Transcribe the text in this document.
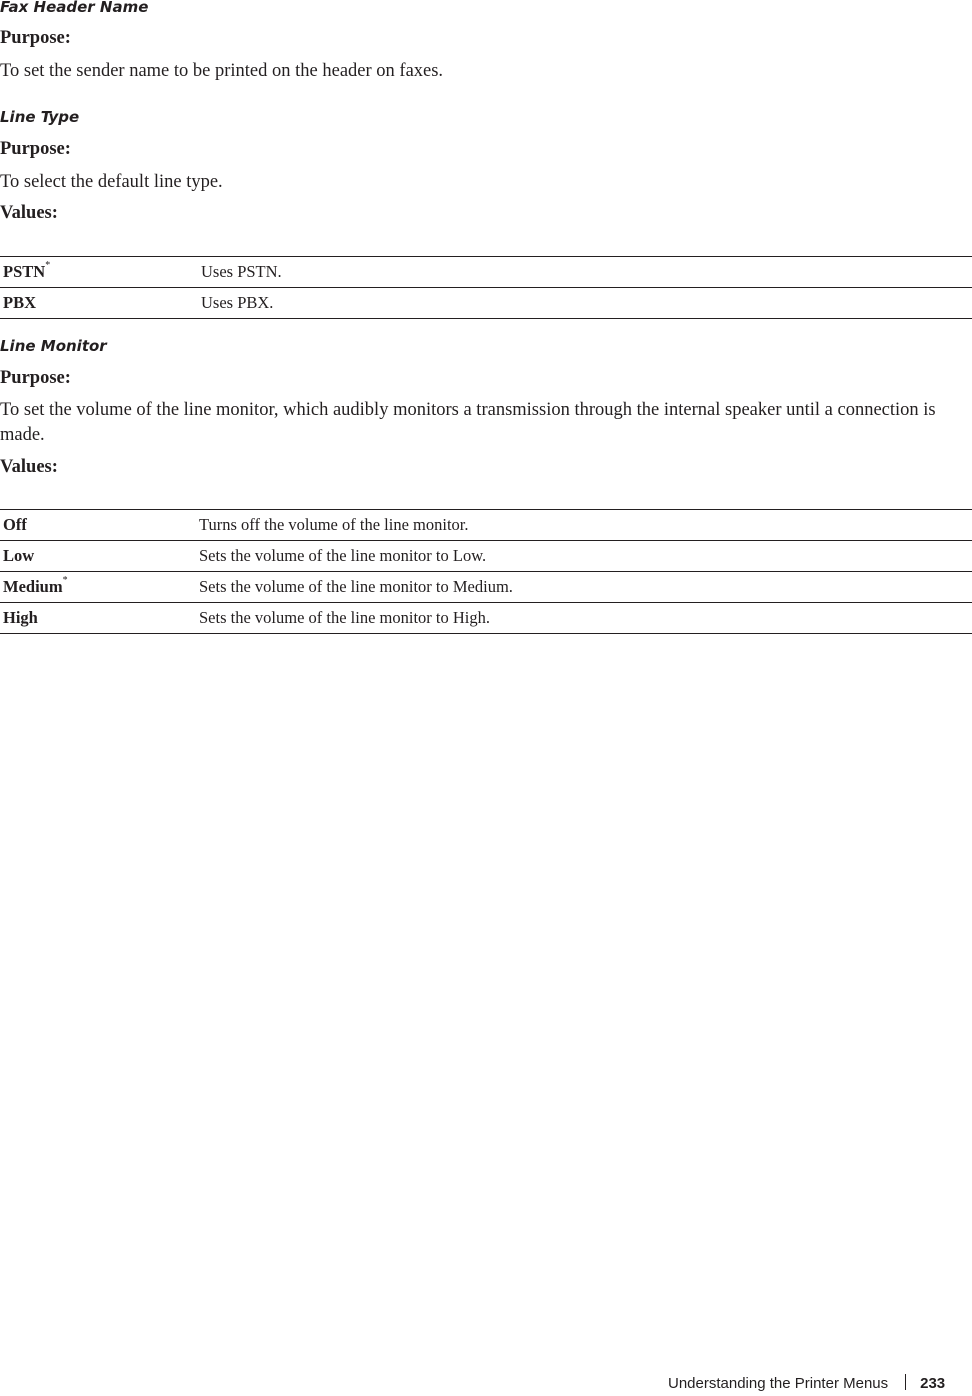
Fax Header Name
Purpose:
To set the sender name to be printed on the header on faxes.
Line Type
Purpose:
To select the default line type.
Values:
PSTN*	Uses PSTN.
PBX	Uses PBX.
Line Monitor
Purpose:
To set the volume of the line monitor, which audibly monitors a transmission through the internal speaker until a connection is made.
Values:
Off	Turns off the volume of the line monitor.
Low	Sets the volume of the line monitor to Low.
Medium*	Sets the volume of the line monitor to Medium.
High	Sets the volume of the line monitor to High.
Understanding the Printer Menus 233
